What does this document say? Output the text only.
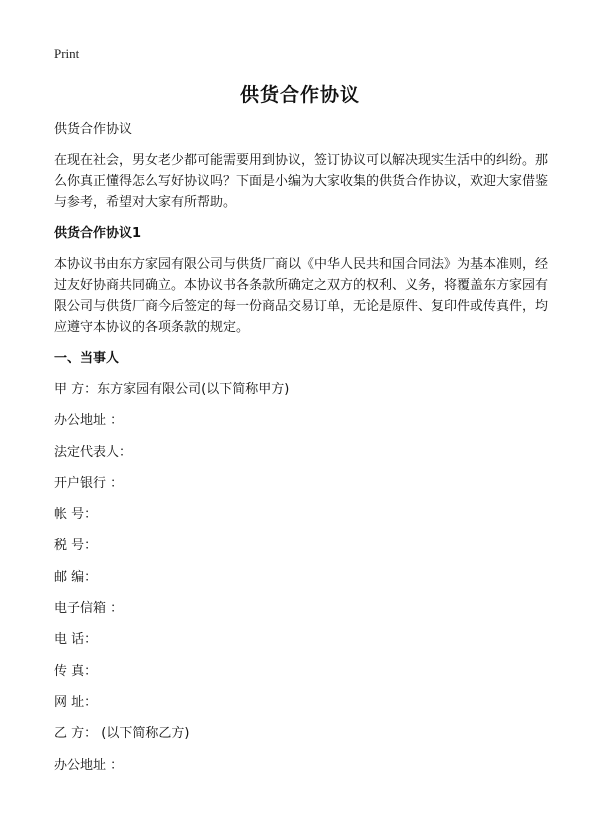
Print
供货合作协议

供货合作协议

在现在社会，男女老少都可能需要用到协议，签订协议可以解决现实生活中的纠纷。那么你真正懂得怎么写好协议吗？下面是小编为大家收集的供货合作协议，欢迎大家借鉴与参考，希望对大家有所帮助。

供货合作协议1

本协议书由东方家园有限公司与供货厂商以《中华人民共和国合同法》为基本准则，经过友好协商共同确立。本协议书各条款所确定之双方的权利、义务，将覆盖东方家园有限公司与供货厂商今后签定的每一份商品交易订单，无论是原件、复印件或传真件，均应遵守本协议的各项条款的规定。

一、当事人

甲 方：东方家园有限公司(以下简称甲方)
办公地址 ：
法定代表人：
开户银行 ：
帐 号：
税 号：
邮 编：
电子信箱 ：
电 话：
传 真：
网 址：
乙 方： (以下简称乙方)
办公地址 ：
